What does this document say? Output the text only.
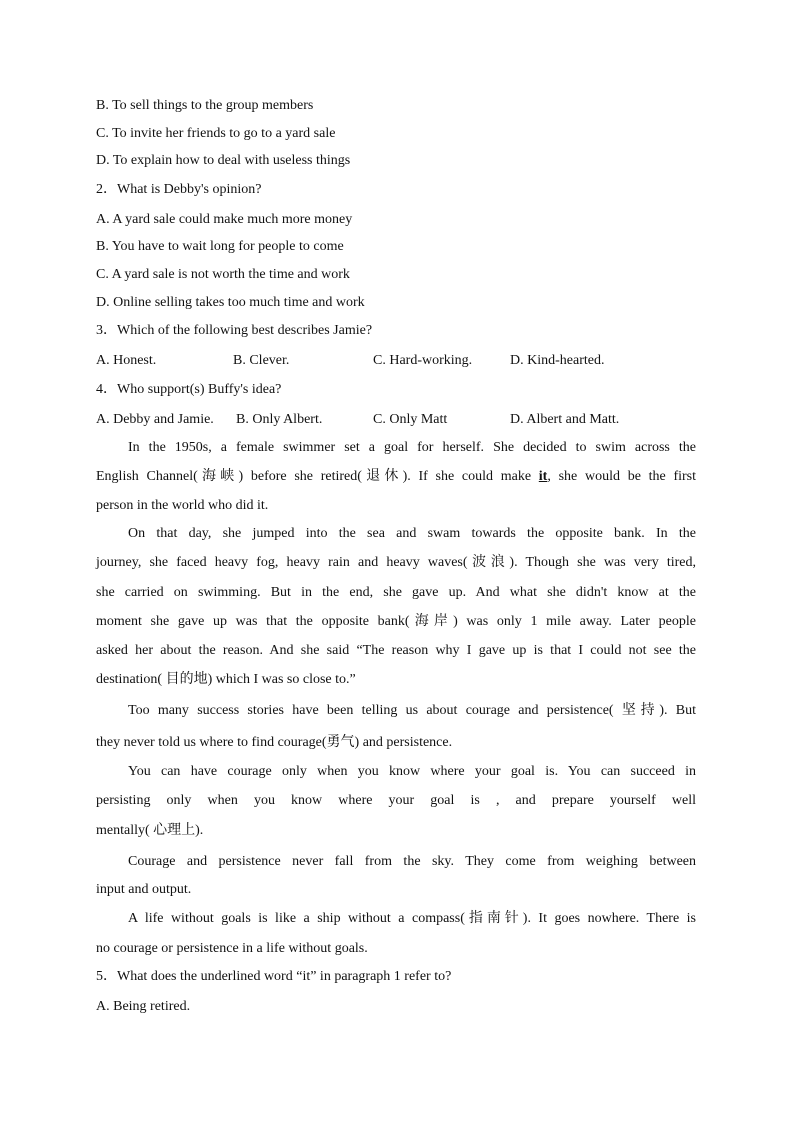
B. To sell things to the group members
C. To invite her friends to go to a yard sale
D. To explain how to deal with useless things
2．What is Debby's opinion?
A. A yard sale could make much more money
B. You have to wait long for people to come
C. A yard sale is not worth the time and work
D. Online selling takes too much time and work
3．Which of the following best describes Jamie?
A. Honest.	B. Clever.	C. Hard-working.	D. Kind-hearted.
4．Who support(s) Buffy's idea?
A. Debby and Jamie. B. Only Albert.	C. Only Matt	D. Albert and Matt.
In the 1950s, a female swimmer set a goal for herself. She decided to swim across the
English Channel(海峡) before she retired(退休). If she could make it, she would be the first
person in the world who did it.
On that day, she jumped into the sea and swam towards the opposite bank. In the
journey, she faced heavy fog, heavy rain and heavy waves(波浪). Though she was very tired,
she carried on swimming. But in the end, she gave up. And what she didn't know at the
moment she gave up was that the opposite bank(海岸) was only 1 mile away. Later people
asked her about the reason. And she said “The reason why I gave up is that I could not see the
destination( 目的地) which I was so close to.”
Too many success stories have been telling us about courage and persistence( 坚持). But
they never told us where to find courage(勇气) and persistence.
You can have courage only when you know where your goal is. You can succeed in
persisting only when you know where your goal is , and prepare yourself well
mentally( 心理上).
Courage and persistence never fall from the sky. They come from weighing between
input and output.
A life without goals is like a ship without a compass(指南针). It goes nowhere. There is
no courage or persistence in a life without goals.
5．What does the underlined word “it” in paragraph 1 refer to?
A. Being retired.
